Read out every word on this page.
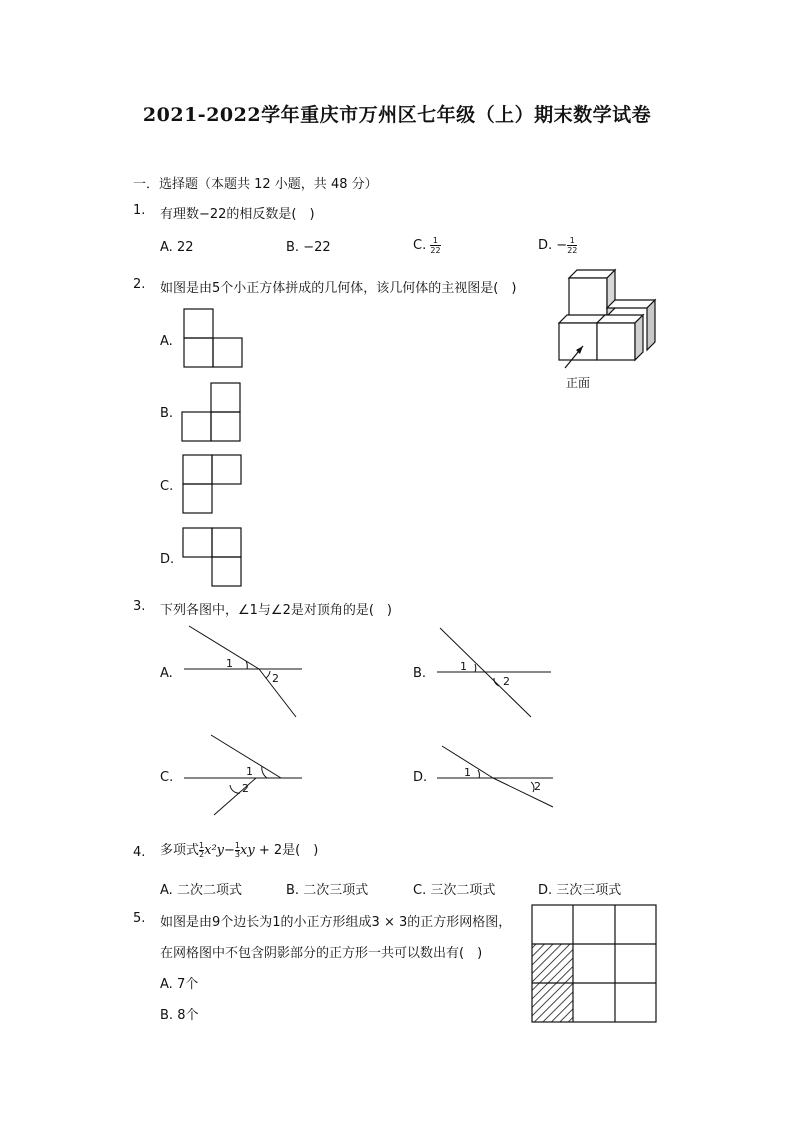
2021-2022学年重庆市万州区七年级（上）期末数学试卷
一．选择题（本题共 12 小题，共 48 分）
1. 有理数−22的相反数是(　)
A. 22	B. −22	C. $\frac{1}{22}$	D. − $\frac{1}{22}$
2. 如图是由5个小正方体拼成的几何体，该几何体的主视图是(　)
正面
A.
B.
C.
D.
3. 下列各图中，∠1与∠2是对顶角的是(　)
A.	B.
C.	D.
1
2
1
2
1
2
1
2
4. 多项式 $\frac{1}{2} x^2y- \frac{1}{3}$ xy + 2是(　)
A. 二次二项式	B. 二次三项式	C. 三次二项式	D. 三次三项式
5. 如图是由9个边长为1的小正方形组成3 × 3的正方形网格图，
在网格图中不包含阴影部分的正方形一共可以数出有(　)
A. 7个
B. 8个
